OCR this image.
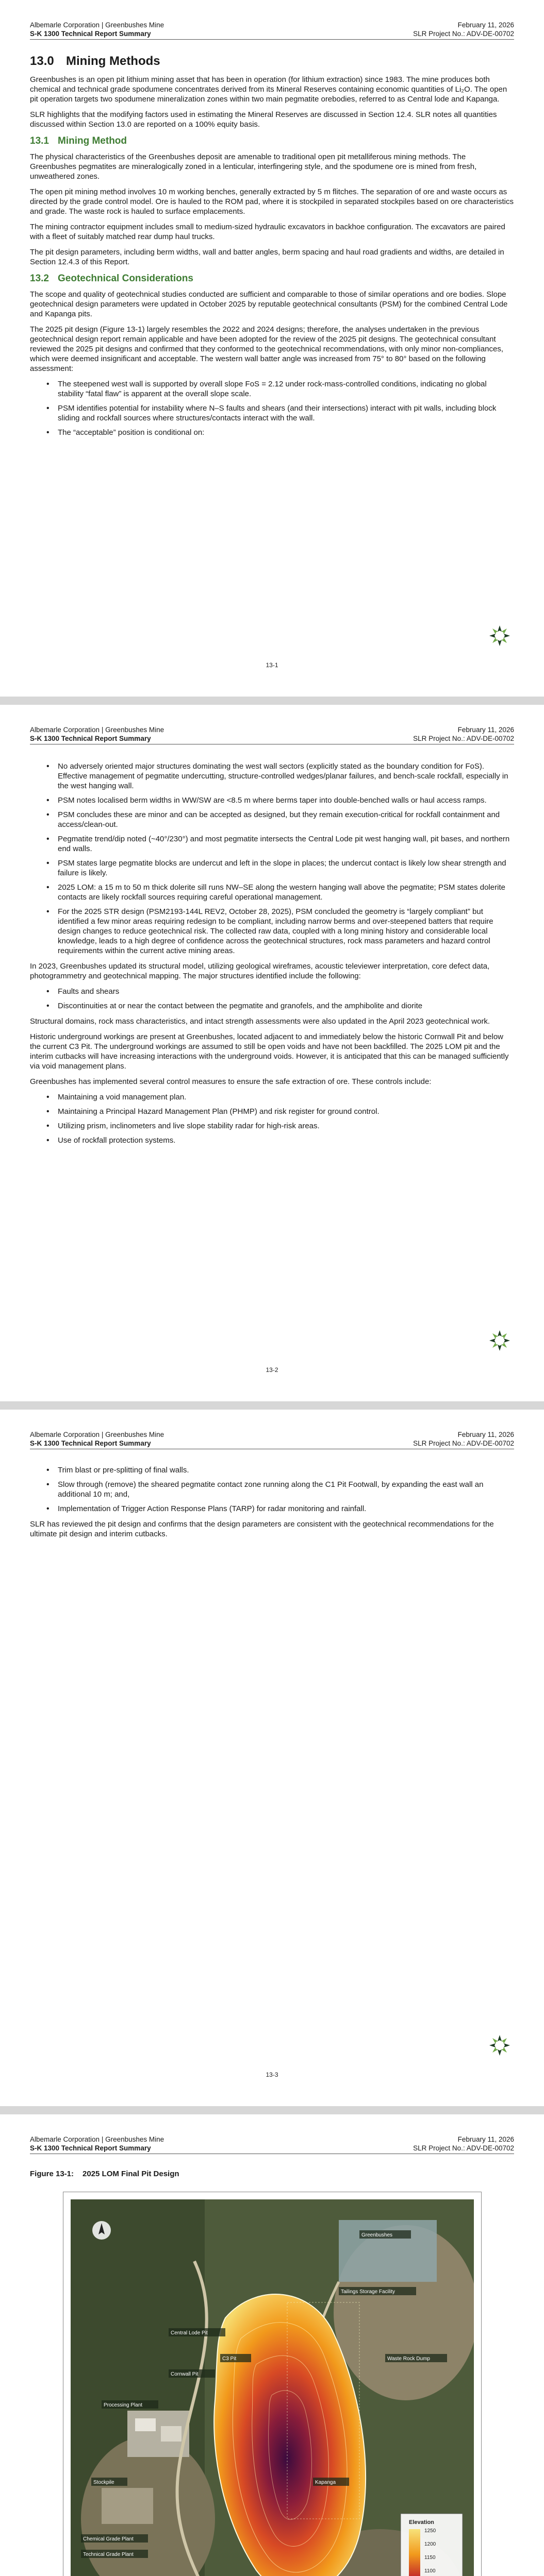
Albemarle Corporation | Greenbushes Mine
S-K 1300 Technical Report Summary
February 11, 2026
SLR Project No.: ADV-DE-00702
13.0 Mining Methods

Greenbushes is an open pit lithium mining asset that has been in operation (for lithium extraction) since 1983. The mine produces both chemical and technical grade spodumene concentrates derived from its Mineral Reserves containing economic quantities of Li₂O. The open pit operation targets two spodumene mineralization zones within two main pegmatite orebodies, referred to as Central lode and Kapanga.

SLR highlights that the modifying factors used in estimating the Mineral Reserves are discussed in Section 12.4. SLR notes all quantities discussed within Section 13.0 are reported on a 100% equity basis.

13.1 Mining Method

The physical characteristics of the Greenbushes deposit are amenable to traditional open pit metalliferous mining methods. The Greenbushes pegmatites are mineralogically zoned in a lenticular, interfingering style, and the spodumene ore is mined from fresh, unweathered zones.

The open pit mining method involves 10 m working benches, generally extracted by 5 m flitches. The separation of ore and waste occurs as directed by the grade control model. Ore is hauled to the ROM pad, where it is stockpiled in separated stockpiles based on ore characteristics and grade. The waste rock is hauled to surface emplacements.

The mining contractor equipment includes small to medium-sized hydraulic excavators in backhoe configuration. The excavators are paired with a fleet of suitably matched rear dump haul trucks.

The pit design parameters, including berm widths, wall and batter angles, berm spacing and haul road gradients and widths, are detailed in Section 12.4.3 of this Report.

13.2 Geotechnical Considerations

The scope and quality of geotechnical studies conducted are sufficient and comparable to those of similar operations and ore bodies. Slope geotechnical design parameters were updated in October 2025 by reputable geotechnical consultants (PSM) for the combined Central Lode and Kapanga pits.

The 2025 pit design (Figure 13-1) largely resembles the 2022 and 2024 designs; therefore, the analyses undertaken in the previous geotechnical design report remain applicable and have been adopted for the review of the 2025 pit designs. The geotechnical consultant reviewed the 2025 pit designs and confirmed that they conformed to the geotechnical recommendations, with only minor non-compliances, which were deemed insignificant and acceptable. The western wall batter angle was increased from 75° to 80° based on the following assessment:

• The steepened west wall is supported by overall slope FoS = 2.12 under rock-mass-controlled conditions, indicating no global stability “fatal flaw” is apparent at the overall slope scale.
• PSM identifies potential for instability where N–S faults and shears (and their intersections) interact with pit walls, including block sliding and rockfall sources where structures/contacts interact with the wall.
• The “acceptable” position is conditional on:
13-1
Albemarle Corporation | Greenbushes Mine
S-K 1300 Technical Report Summary
February 11, 2026
SLR Project No.: ADV-DE-00702
• No adversely oriented major structures dominating the west wall sectors (explicitly stated as the boundary condition for FoS). Effective management of pegmatite undercutting, structure-controlled wedges/planar failures, and bench-scale rockfall, especially in the west hanging wall.
• PSM notes localised berm widths in WW/SW are <8.5 m where berms taper into double-benched walls or haul access ramps.
• PSM concludes these are minor and can be accepted as designed, but they remain execution-critical for rockfall containment and access/clean-out.
• Pegmatite trend/dip noted (~40°/230°) and most pegmatite intersects the Central Lode pit west hanging wall, pit bases, and northern end walls.
• PSM states large pegmatite blocks are undercut and left in the slope in places; the undercut contact is likely low shear strength and failure is likely.
• 2025 LOM: a 15 m to 50 m thick dolerite sill runs NW–SE along the western hanging wall above the pegmatite; PSM states dolerite contacts are likely rockfall sources requiring careful operational management.
• For the 2025 STR design (PSM2193-144L REV2, October 28, 2025), PSM concluded the geometry is “largely compliant” but identified a few minor areas requiring redesign to be compliant, including narrow berms and over-steepened batters that require design changes to reduce geotechnical risk. The collected raw data, coupled with a long mining history and considerable local knowledge, leads to a high degree of confidence across the geotechnical structures, rock mass parameters and hazard control requirements within the current active mining areas.

In 2023, Greenbushes updated its structural model, utilizing geological wireframes, acoustic televiewer interpretation, core defect data, photogrammetry and geotechnical mapping. The major structures identified include the following:

• Faults and shears
• Discontinuities at or near the contact between the pegmatite and granofels, and the amphibolite and diorite

Structural domains, rock mass characteristics, and intact strength assessments were also updated in the April 2023 geotechnical work.

Historic underground workings are present at Greenbushes, located adjacent to and immediately below the historic Cornwall Pit and below the current C3 Pit. The underground workings are assumed to still be open voids and have not been backfilled. The 2025 LOM pit and the interim cutbacks will have increasing interactions with the underground voids. However, it is anticipated that this can be managed sufficiently via void management plans.

Greenbushes has implemented several control measures to ensure the safe extraction of ore. These controls include:

• Maintaining a void management plan.
• Maintaining a Principal Hazard Management Plan (PHMP) and risk register for ground control.
• Utilizing prism, inclinometers and live slope stability radar for high-risk areas.
• Use of rockfall protection systems.
13-2
Albemarle Corporation | Greenbushes Mine
S-K 1300 Technical Report Summary
February 11, 2026
SLR Project No.: ADV-DE-00702
• Trim blast or pre-splitting of final walls.
• Slow through (remove) the sheared pegmatite contact zone running along the C1 Pit Footwall, by expanding the east wall an additional 10 m; and,
• Implementation of Trigger Action Response Plans (TARP) for radar monitoring and rainfall.

SLR has reviewed the pit design and confirms that the design parameters are consistent with the geotechnical recommendations for the ultimate pit design and interim cutbacks.

13-3
Albemarle Corporation | Greenbushes Mine
S-K 1300 Technical Report Summary
February 11, 2026
SLR Project No.: ADV-DE-00702
Figure 13-1: 2025 LOM Final Pit Design
Elevation
1250
1200
1150
1100
Greenbushes
Tailings Storage Facility
Waste Rock Dump
Central Lode Pit
Kapanga
Processing Plant
Stockpile
Cornwall Pit
C3 Pit
Chemical Grade Plant
Technical Grade Plant
